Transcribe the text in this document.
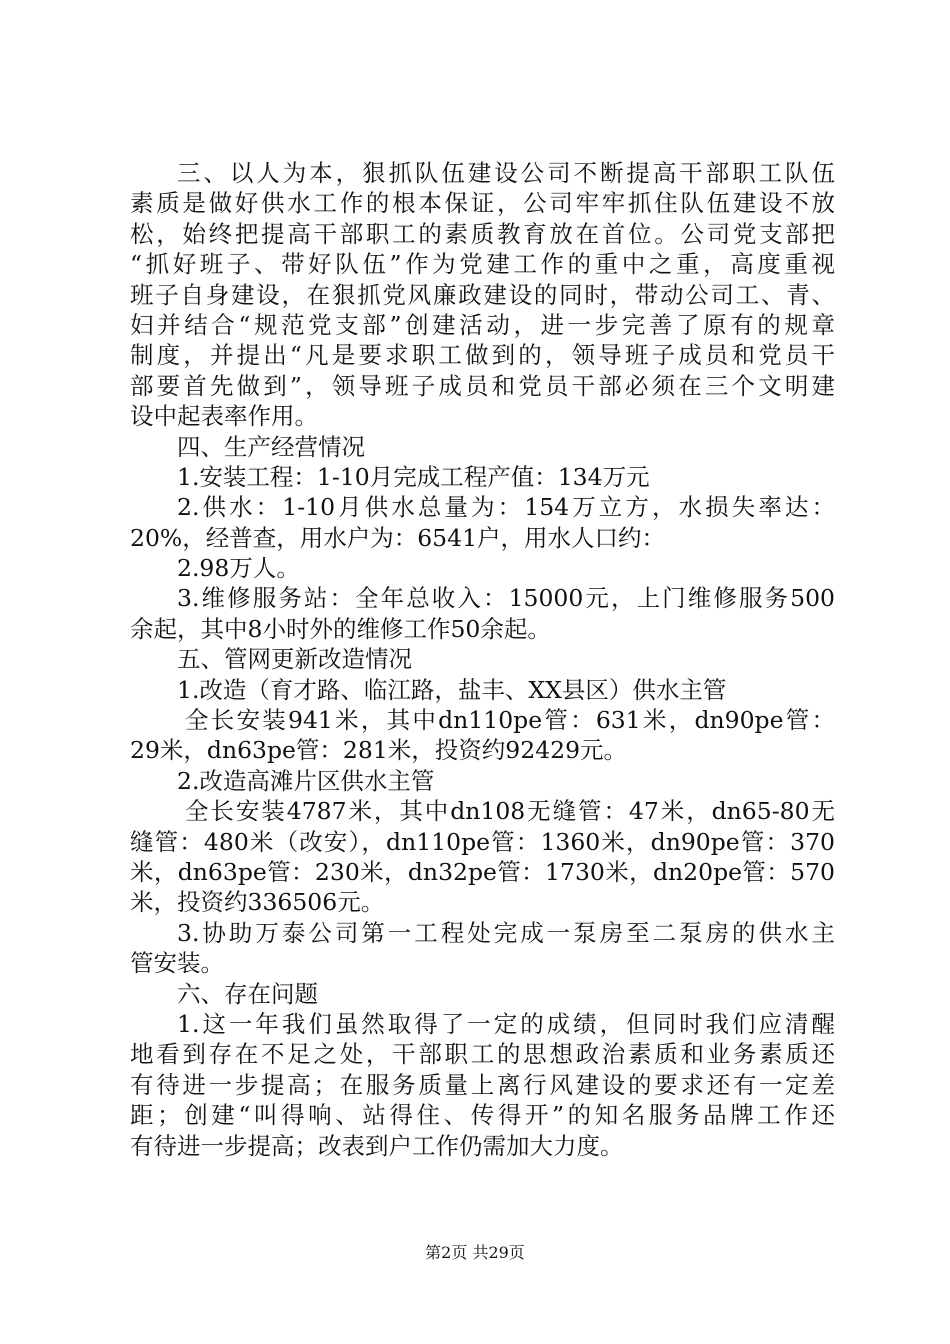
三、以人为本，狠抓队伍建设公司不断提高干部职工队伍
素质是做好供水工作的根本保证，公司牢牢抓住队伍建设不放
松，始终把提高干部职工的素质教育放在首位。公司党支部把
“抓好班子、带好队伍”作为党建工作的重中之重，高度重视
班子自身建设，在狠抓党风廉政建设的同时，带动公司工、青、
妇并结合“规范党支部”创建活动，进一步完善了原有的规章
制度，并提出“凡是要求职工做到的，领导班子成员和党员干
部要首先做到”，领导班子成员和党员干部必须在三个文明建
设中起表率作用。
四、生产经营情况
1.安装工程：1-10月完成工程产值：134万元
2.供水：1-10月供水总量为：154万立方，水损失率达：
20%，经普查，用水户为：6541户，用水人口约：
2.98万人。
3.维修服务站：全年总收入：15000元，上门维修服务500
余起，其中8小时外的维修工作50余起。
五、管网更新改造情况
1.改造（育才路、临江路，盐丰、XX县区）供水主管
全长安装941米，其中dn110pe管：631米，dn90pe管：
29米，dn63pe管：281米，投资约92429元。
2.改造高滩片区供水主管
全长安装4787米，其中dn108无缝管：47米，dn65-80无
缝管：480米（改安），dn110pe管：1360米，dn90pe管：370
米，dn63pe管：230米，dn32pe管：1730米，dn20pe管：570
米，投资约336506元。
3.协助万泰公司第一工程处完成一泵房至二泵房的供水主
管安装。
六、存在问题
1.这一年我们虽然取得了一定的成绩，但同时我们应清醒
地看到存在不足之处，干部职工的思想政治素质和业务素质还
有待进一步提高；在服务质量上离行风建设的要求还有一定差
距；创建“叫得响、站得住、传得开”的知名服务品牌工作还
有待进一步提高；改表到户工作仍需加大力度。
第2页 共29页
